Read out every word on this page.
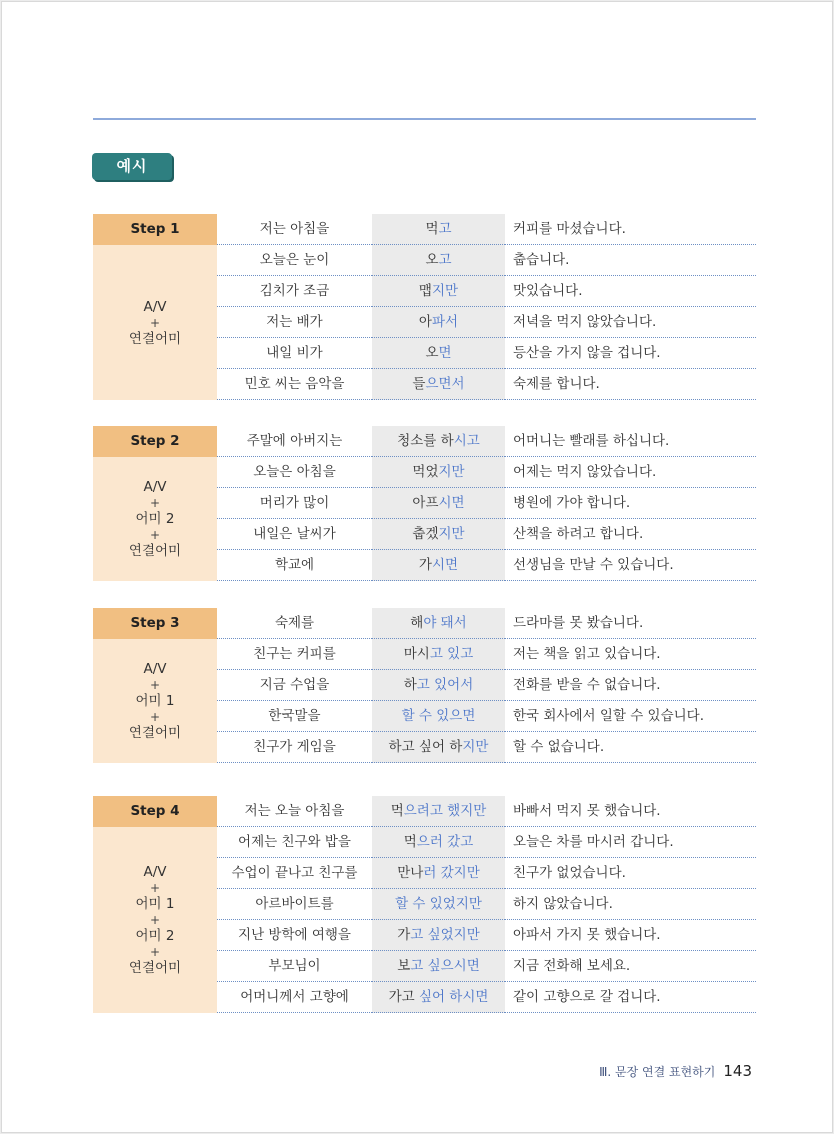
예시
Step 1
A/V
+
연결어미
저는 아침을	먹고	커피를 마셨습니다.
오늘은 눈이	오고	춥습니다.
김치가 조금	맵지만	맛있습니다.
저는 배가	아파서	저녁을 먹지 않았습니다.
내일 비가	오면	등산을 가지 않을 겁니다.
민호 씨는 음악을	들으면서	숙제를 합니다.
Step 2
A/V
+
어미 2
+
연결어미
주말에 아버지는	청소를 하시고	어머니는 빨래를 하십니다.
오늘은 아침을	먹었지만	어제는 먹지 않았습니다.
머리가 많이	아프시면	병원에 가야 합니다.
내일은 날씨가	춥겠지만	산책을 하려고 합니다.
학교에	가시면	선생님을 만날 수 있습니다.
Step 3
A/V
+
어미 1
+
연결어미
숙제를	해야 돼서	드라마를 못 봤습니다.
친구는 커피를	마시고 있고	저는 책을 읽고 있습니다.
지금 수업을	하고 있어서	전화를 받을 수 없습니다.
한국말을	할 수 있으면	한국 회사에서 일할 수 있습니다.
친구가 게임을	하고 싶어 하지만	할 수 없습니다.
Step 4
A/V
+
어미 1
+
어미 2
+
연결어미
저는 오늘 아침을	먹으려고 했지만	바빠서 먹지 못 했습니다.
어제는 친구와 밥을	먹으러 갔고	오늘은 차를 마시러 갑니다.
수업이 끝나고 친구를	만나러 갔지만	친구가 없었습니다.
아르바이트를	할 수 있었지만	하지 않았습니다.
지난 방학에 여행을	가고 싶었지만	아파서 가지 못 했습니다.
부모님이	보고 싶으시면	지금 전화해 보세요.
어머니께서 고향에	가고 싶어 하시면	같이 고향으로 갈 겁니다.
Ⅲ. 문장 연결 표현하기 143
